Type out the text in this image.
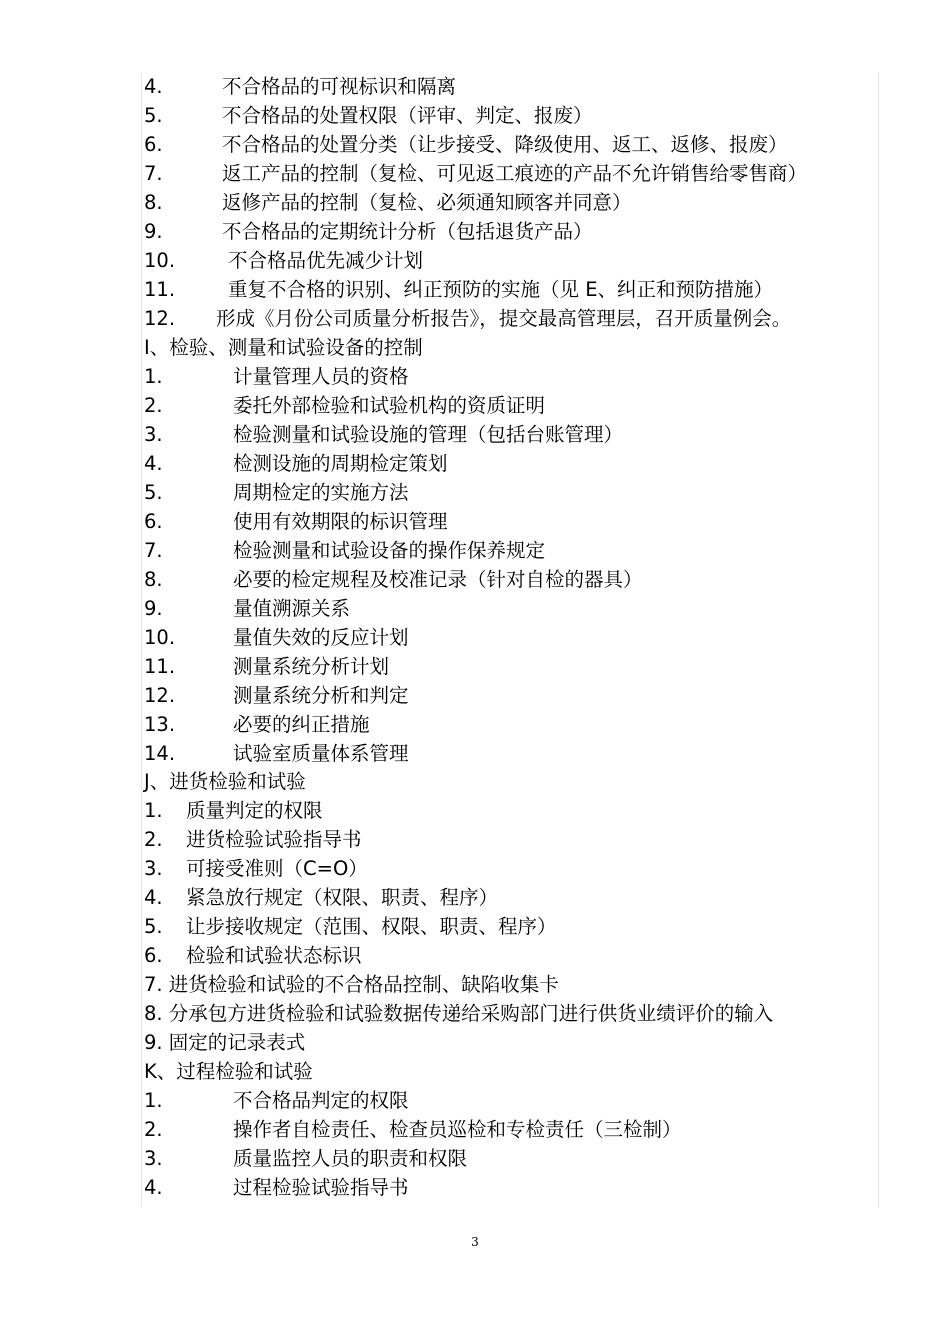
4.	不合格品的可视标识和隔离
5.	不合格品的处置权限（评审、判定、报废）
6.	不合格品的处置分类（让步接受、降级使用、返工、返修、报废）
7.	返工产品的控制（复检、可见返工痕迹的产品不允许销售给零售商）
8.	返修产品的控制（复检、必须通知顾客并同意）
9.	不合格品的定期统计分析（包括退货产品）
10.	不合格品优先减少计划
11.	重复不合格的识别、纠正预防的实施（见 E、纠正和预防措施）
12. 形成《月份公司质量分析报告》，提交最高管理层，召开质量例会。
I、检验、测量和试验设备的控制
1.	计量管理人员的资格
2.	委托外部检验和试验机构的资质证明
3.	检验测量和试验设施的管理（包括台账管理）
4.	检测设施的周期检定策划
5.	周期检定的实施方法
6.	使用有效期限的标识管理
7.	检验测量和试验设备的操作保养规定
8.	必要的检定规程及校准记录（针对自检的器具）
9.	量值溯源关系
10.	量值失效的反应计划
11.	测量系统分析计划
12.	测量系统分析和判定
13.	必要的纠正措施
14.	试验室质量体系管理
J、进货检验和试验
1. 质量判定的权限
2. 进货检验试验指导书
3. 可接受准则（C=O）
4. 紧急放行规定（权限、职责、程序）
5. 让步接收规定（范围、权限、职责、程序）
6. 检验和试验状态标识
7. 进货检验和试验的不合格品控制、缺陷收集卡
8. 分承包方进货检验和试验数据传递给采购部门进行供货业绩评价的输入
9. 固定的记录表式
K、过程检验和试验
1.	不合格品判定的权限
2.	操作者自检责任、检查员巡检和专检责任（三检制）
3.	质量监控人员的职责和权限
4.	过程检验试验指导书
3
